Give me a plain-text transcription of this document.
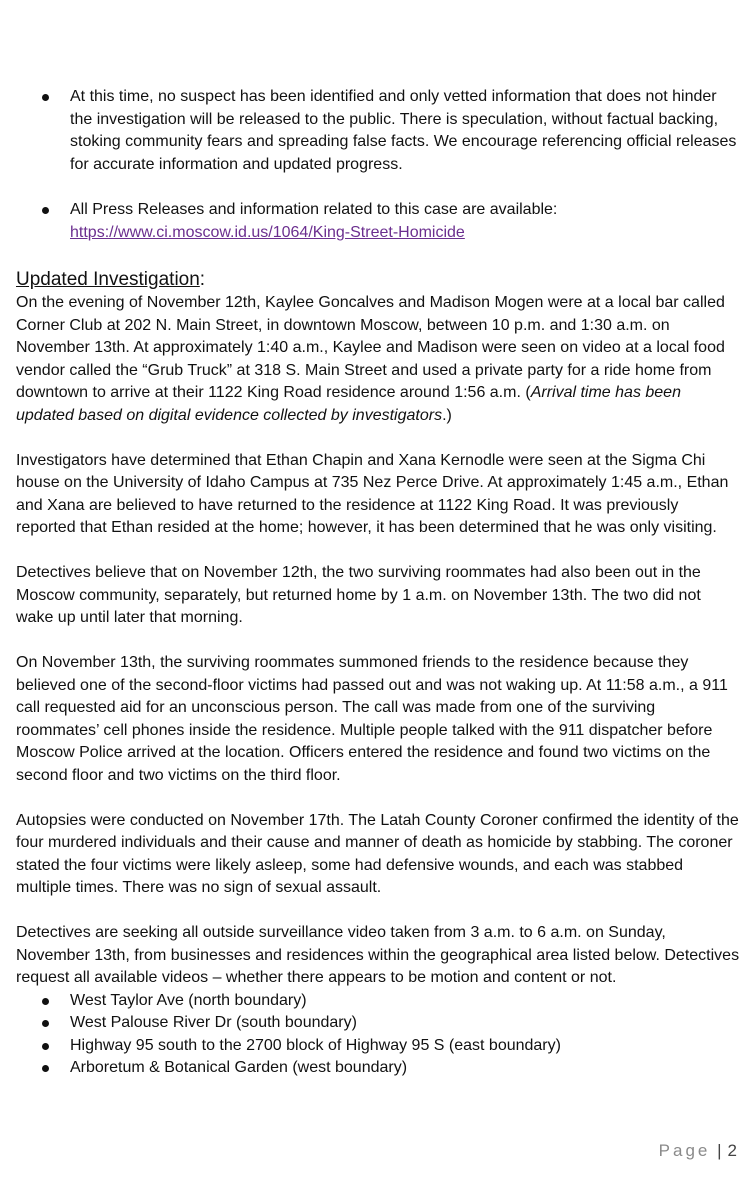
At this time, no suspect has been identified and only vetted information that does not hinder the investigation will be released to the public. There is speculation, without factual backing, stoking community fears and spreading false facts. We encourage referencing official releases for accurate information and updated progress.
All Press Releases and information related to this case are available:
https://www.ci.moscow.id.us/1064/King-Street-Homicide
Updated Investigation:

On the evening of November 12th, Kaylee Goncalves and Madison Mogen were at a local bar called Corner Club at 202 N. Main Street, in downtown Moscow, between 10 p.m. and 1:30 a.m. on November 13th. At approximately 1:40 a.m., Kaylee and Madison were seen on video at a local food vendor called the “Grub Truck” at 318 S. Main Street and used a private party for a ride home from downtown to arrive at their 1122 King Road residence around 1:56 a.m. (Arrival time has been updated based on digital evidence collected by investigators.)

Investigators have determined that Ethan Chapin and Xana Kernodle were seen at the Sigma Chi house on the University of Idaho Campus at 735 Nez Perce Drive. At approximately 1:45 a.m., Ethan and Xana are believed to have returned to the residence at 1122 King Road. It was previously reported that Ethan resided at the home; however, it has been determined that he was only visiting.

Detectives believe that on November 12th, the two surviving roommates had also been out in the Moscow community, separately, but returned home by 1 a.m. on November 13th. The two did not wake up until later that morning.

On November 13th, the surviving roommates summoned friends to the residence because they believed one of the second-floor victims had passed out and was not waking up. At 11:58 a.m., a 911 call requested aid for an unconscious person. The call was made from one of the surviving roommates’ cell phones inside the residence. Multiple people talked with the 911 dispatcher before Moscow Police arrived at the location. Officers entered the residence and found two victims on the second floor and two victims on the third floor.

Autopsies were conducted on November 17th. The Latah County Coroner confirmed the identity of the four murdered individuals and their cause and manner of death as homicide by stabbing. The coroner stated the four victims were likely asleep, some had defensive wounds, and each was stabbed multiple times. There was no sign of sexual assault.

Detectives are seeking all outside surveillance video taken from 3 a.m. to 6 a.m. on Sunday, November 13th, from businesses and residences within the geographical area listed below. Detectives request all available videos – whether there appears to be motion and content or not.

West Taylor Ave (north boundary)
West Palouse River Dr (south boundary)
Highway 95 south to the 2700 block of Highway 95 S (east boundary)
Arboretum & Botanical Garden (west boundary)
Page | 2
